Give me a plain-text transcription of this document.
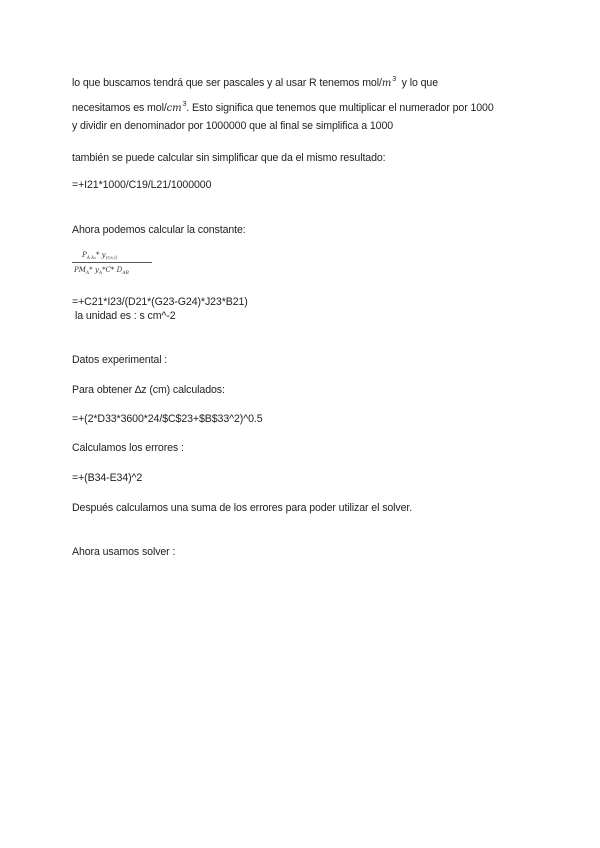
lo que buscamos tendrá que ser pascales y al usar R tenemos mol/$m^3$  y lo que
necesitamos es mol/$cm^3$. Esto significa que tenemos que multiplicar el numerador por 1000
y dividir en denominador por 1000000 que al final se simplifica a 1000
también se puede calcular sin simplificar que da el mismo resultado:
=+I21*1000/C19/L21/1000000
Ahora podemos calcular la constante:
$P_{A k_0}*$ $y_{(r,s,i)}$
$PM_A*$ $y_A*C*$ $D_{AB}$
=+C21*I23/(D21*(G23-G24)*J23*B21)
la unidad es : s cm^-2
Datos experimental :
Para obtener ∆z (cm) calculados:
=+(2*D33*3600*24/$C$23+$B$33^2)^0.5
Calculamos los errores :
=+(B34-E34)^2
Después calculamos una suma de los errores para poder utilizar el solver.
Ahora usamos solver :
